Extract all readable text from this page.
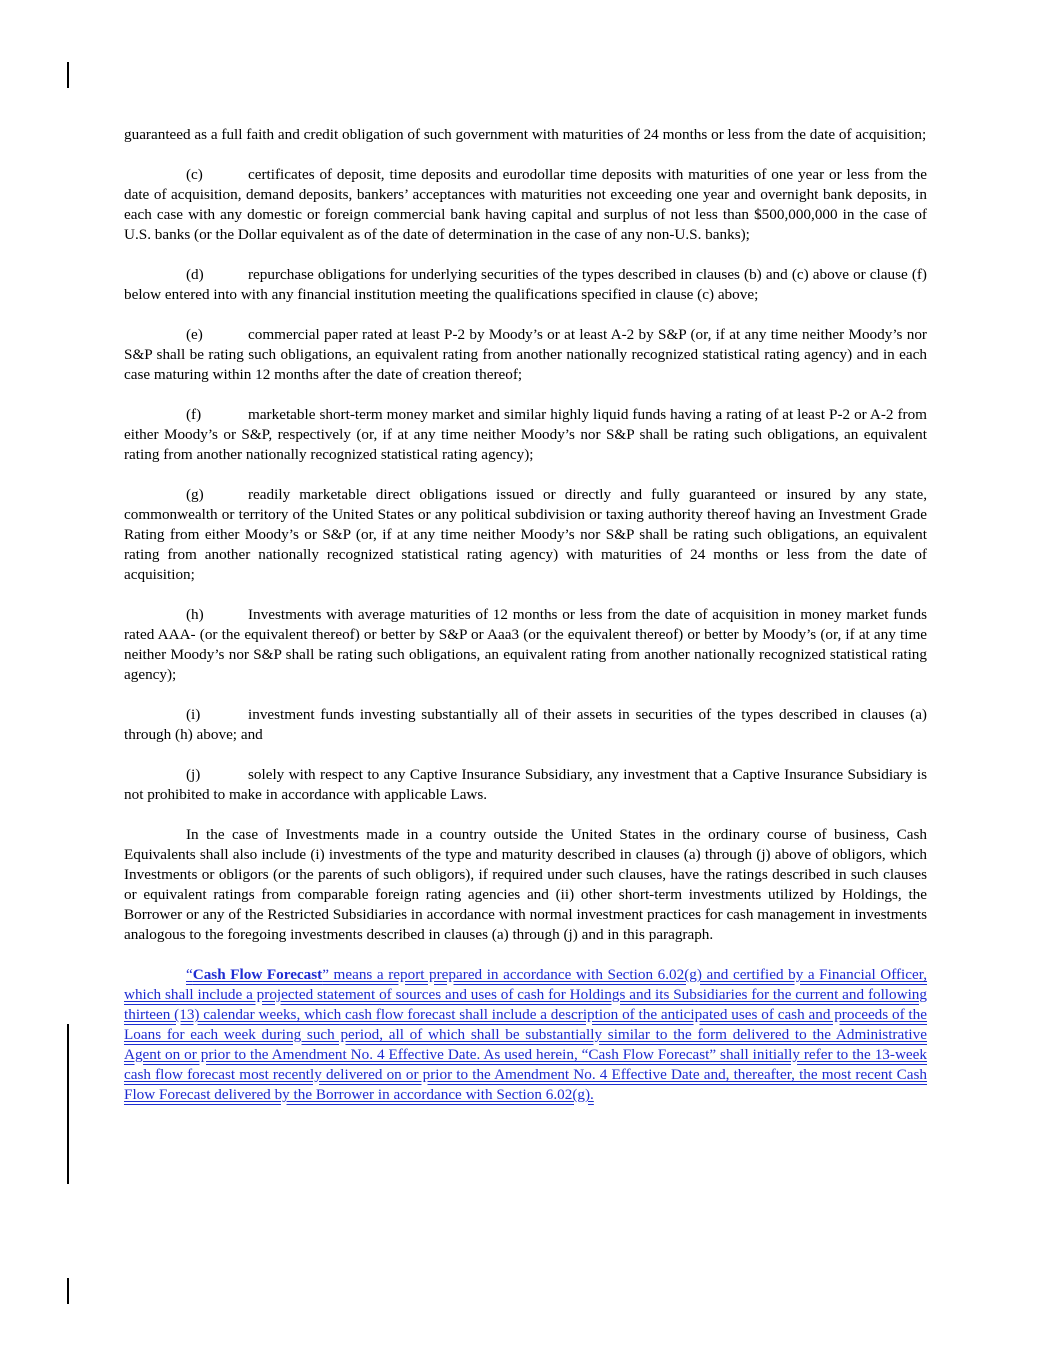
guaranteed as a full faith and credit obligation of such government with maturities of 24 months or less from the date of acquisition;

(c)	certificates of deposit, time deposits and eurodollar time deposits with maturities of one year or less from the date of acquisition, demand deposits, bankers’ acceptances with maturities not exceeding one year and overnight bank deposits, in each case with any domestic or foreign commercial bank having capital and surplus of not less than $500,000,000 in the case of U.S. banks (or the Dollar equivalent as of the date of determination in the case of any non-U.S. banks);

(d)	repurchase obligations for underlying securities of the types described in clauses (b) and (c) above or clause (f) below entered into with any financial institution meeting the qualifications specified in clause (c) above;

(e)	commercial paper rated at least P-2 by Moody’s or at least A-2 by S&P (or, if at any time neither Moody’s nor S&P shall be rating such obligations, an equivalent rating from another nationally recognized statistical rating agency) and in each case maturing within 12 months after the date of creation thereof;

(f)	marketable short-term money market and similar highly liquid funds having a rating of at least P-2 or A-2 from either Moody’s or S&P, respectively (or, if at any time neither Moody’s nor S&P shall be rating such obligations, an equivalent rating from another nationally recognized statistical rating agency);

(g)	readily marketable direct obligations issued or directly and fully guaranteed or insured by any state, commonwealth or territory of the United States or any political subdivision or taxing authority thereof having an Investment Grade Rating from either Moody’s or S&P (or, if at any time neither Moody’s nor S&P shall be rating such obligations, an equivalent rating from another nationally recognized statistical rating agency) with maturities of 24 months or less from the date of acquisition;

(h)	Investments with average maturities of 12 months or less from the date of acquisition in money market funds rated AAA- (or the equivalent thereof) or better by S&P or Aaa3 (or the equivalent thereof) or better by Moody’s (or, if at any time neither Moody’s nor S&P shall be rating such obligations, an equivalent rating from another nationally recognized statistical rating agency);

(i)	investment funds investing substantially all of their assets in securities of the types described in clauses (a) through (h) above; and

(j)	solely with respect to any Captive Insurance Subsidiary, any investment that a Captive Insurance Subsidiary is not prohibited to make in accordance with applicable Laws.

In the case of Investments made in a country outside the United States in the ordinary course of business, Cash Equivalents shall also include (i) investments of the type and maturity described in clauses (a) through (j) above of obligors, which Investments or obligors (or the parents of such obligors), if required under such clauses, have the ratings described in such clauses or equivalent ratings from comparable foreign rating agencies and (ii) other short-term investments utilized by Holdings, the Borrower or any of the Restricted Subsidiaries in accordance with normal investment practices for cash management in investments analogous to the foregoing investments described in clauses (a) through (j) and in this paragraph.

“Cash Flow Forecast” means a report prepared in accordance with Section 6.02(g) and certified by a Financial Officer, which shall include a projected statement of sources and uses of cash for Holdings and its Subsidiaries for the current and following thirteen (13) calendar weeks, which cash flow forecast shall include a description of the anticipated uses of cash and proceeds of the Loans for each week during such period, all of which shall be substantially similar to the form delivered to the Administrative Agent on or prior to the Amendment No. 4 Effective Date. As used herein, “Cash Flow Forecast” shall initially refer to the 13-week cash flow forecast most recently delivered on or prior to the Amendment No. 4 Effective Date and, thereafter, the most recent Cash Flow Forecast delivered by the Borrower in accordance with Section 6.02(g).
